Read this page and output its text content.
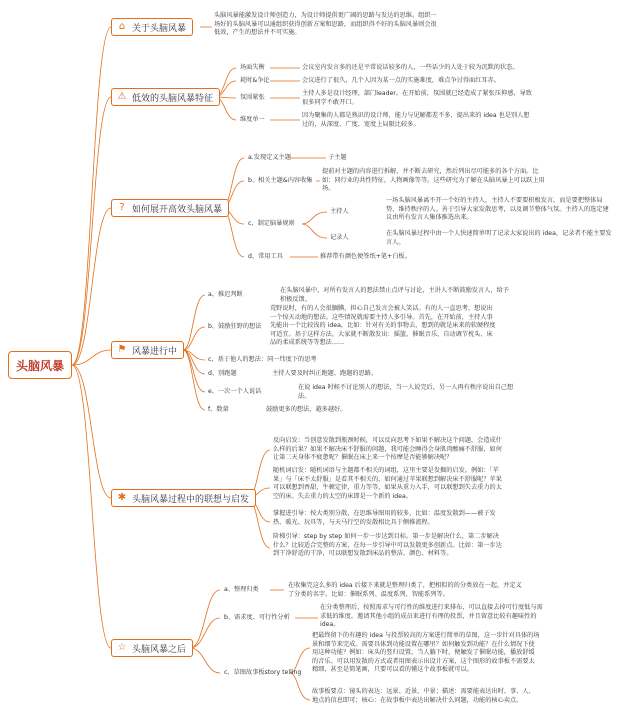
头脑风暴
⌂ 关于头脑风暴
头脑风暴能激发设计师创造力，为设计师提供更广阔的思路与发达的思维。组织一场好的头脑风暴可以通组织获得创新方案和思路，而组织得不好的头脑风暴则会很低效，产生的想法并不可实施。
⚠ 低效的头脑风暴特征
场面失衡	会议室内发言多的还是平常说话较多的人，一些话少的人处于较为沉默的状态。
耗时&争论	会议进行了很久，几个人因为某一点的实施难度，难点争讨得面红耳赤。
氛围紧张
主持人多是设计经理、部门leader。在开始前，氛围就已经造成了紧张压抑感，导致很多同学不敢开口。
维度单一
因为聚集的人都是熟识的设计师，能力与见解都差不多，提出来的 idea 也是别人想过的，从深度、广度、宽度上局限比较多。
? 如何展开高效头脑风暴
a.发现定义主题	子主题
b、相关主题&内容收集
提前对主题的内容进行拆解，并不断去研究，然后列出尽可能多的各个方面。比如：同行业的共性特征，人物画像等等。这些研究为了解在头脑风暴上可以跃上用场。
c、制定脑暴规则
主持人
一场头脑风暴离不开一个好的主持人，主持人不要要积极发言，而是要把整体局势、维持秩序的人。善于引导大家发散思考，以及调节整体气氛。主持人的选定建议由所有发言人集体推选出来。
记录人
在头脑风暴过程中由一个人快速简单明了记录大家说出的 idea，记录者不能主要发言人。
d、常用工具	推荐带有颜色便签纸+笔+白板。
⚑ 风暴进行中
a、推迟判断
在头脑风暴中，对所有发言人的想法禁止点评与讨论，主讲人不断鼓励发言人，给予积极反馈。
b、鼓励狂野的想法
荒野说时，有的人会很腼腆，担心自己发言会被人笑话。有的人一直思考，想说出一个惊天动地的想法。这些情况就需要主持人多引导。首先，在开始前，主持人事先能出一个比较浅的 idea，比如：针对有关的事物去，想到的就是床来的软硬程度可适宜。基于这样方法，大家就不断散发出：摇篮、催眠音乐、自动调节枕头、床品的柔成系统等等想法……
c、基于他人的想法：同一纬度下的思考
d、别跑题	主持人要及时纠正跑题、跑题的思路。
e、一次一个人说话
在说 idea 时候不讨论别人的想法，当一人说完后，另一人再有秩序说出自己想法。
f、数量	鼓励更多的想法，越多越好。
✱ 头脑风暴过程中的联想与启发
反向启发：当创意发散到瓶颈时候，可以反向思考下如果不解决这个问题，会造成什么样的后果？如果不解决床不舒服的问题，我可能会睡得会身肌肉酸痛不舒服，如何让第二天身体不疲惫呢？催眠在床上来一个按摩是否能够解决呢？
随机词启发：随机词语与主题都不相关的词组，这里主要是发掘的启发。例如：「苹果」与「床不太舒服」是看其不相关的，如何通过苹果联想到解决床不舒服呢？苹果可以联想到香甜，牛顿定律，重力等等，如果从重力入手，可以联想到失去重力的太空的床。失去重力的太空的床即是一个新的 idea。
掌握进引导：按大类别分散，在思维导图用的较多，比如：温度发散到——被子发热、暖光、玩具等，与天马行空的发散相比具于侧推流程。
阶梯引导：step by step 如何一步一步达到目标。第一步是解决什么，第二步解决什么？比较适合完整的方案，在每一步引导中可以发散更多创新点。比如：第一步达到干净舒适的干净，可以联想发散到床品的整洁、颜色、材料等。
☆ 头脑风暴之后
a、整理归类
在收集完这么多的 idea 后接下来就是整理归类了，把相似的的分类放在一起，并定义了分类的名字。比如：催眠系列、温度系列、智能系列等。
b、需求度、可行性分析
在分类整理后，按照需求与可行性的维度进行来排布，可以直接去掉可行度低与需求低的维度。邀请其他小组的成员来进行有理的投票，并且留意比较有趣味性的 idea。
c、草图故事板story telling
把最终留下的有趣的 idea 与投票较高的方案进行简单的草图，这一步针对具体的场景和细节来完成。需要具体到功能设置在哪里？如何触发到功能？在什么情况下使用这种功能？例如：床头的竖归设置，当人躺下时，便触发了催眠功能，播放舒缓的音乐。可以用发散的方式或者用图表示出设计方案，这个图形的故事板不需要太精细，甚至是简笔画，只要可以看的懂这个故事板就可以。
故事板要点：镜头的表达：远景、近景、中景；描述：需要能表达出时、事、人、地点的信息即可；核心：在故事板中表达出解决什么问题，功能的核心卖点。
